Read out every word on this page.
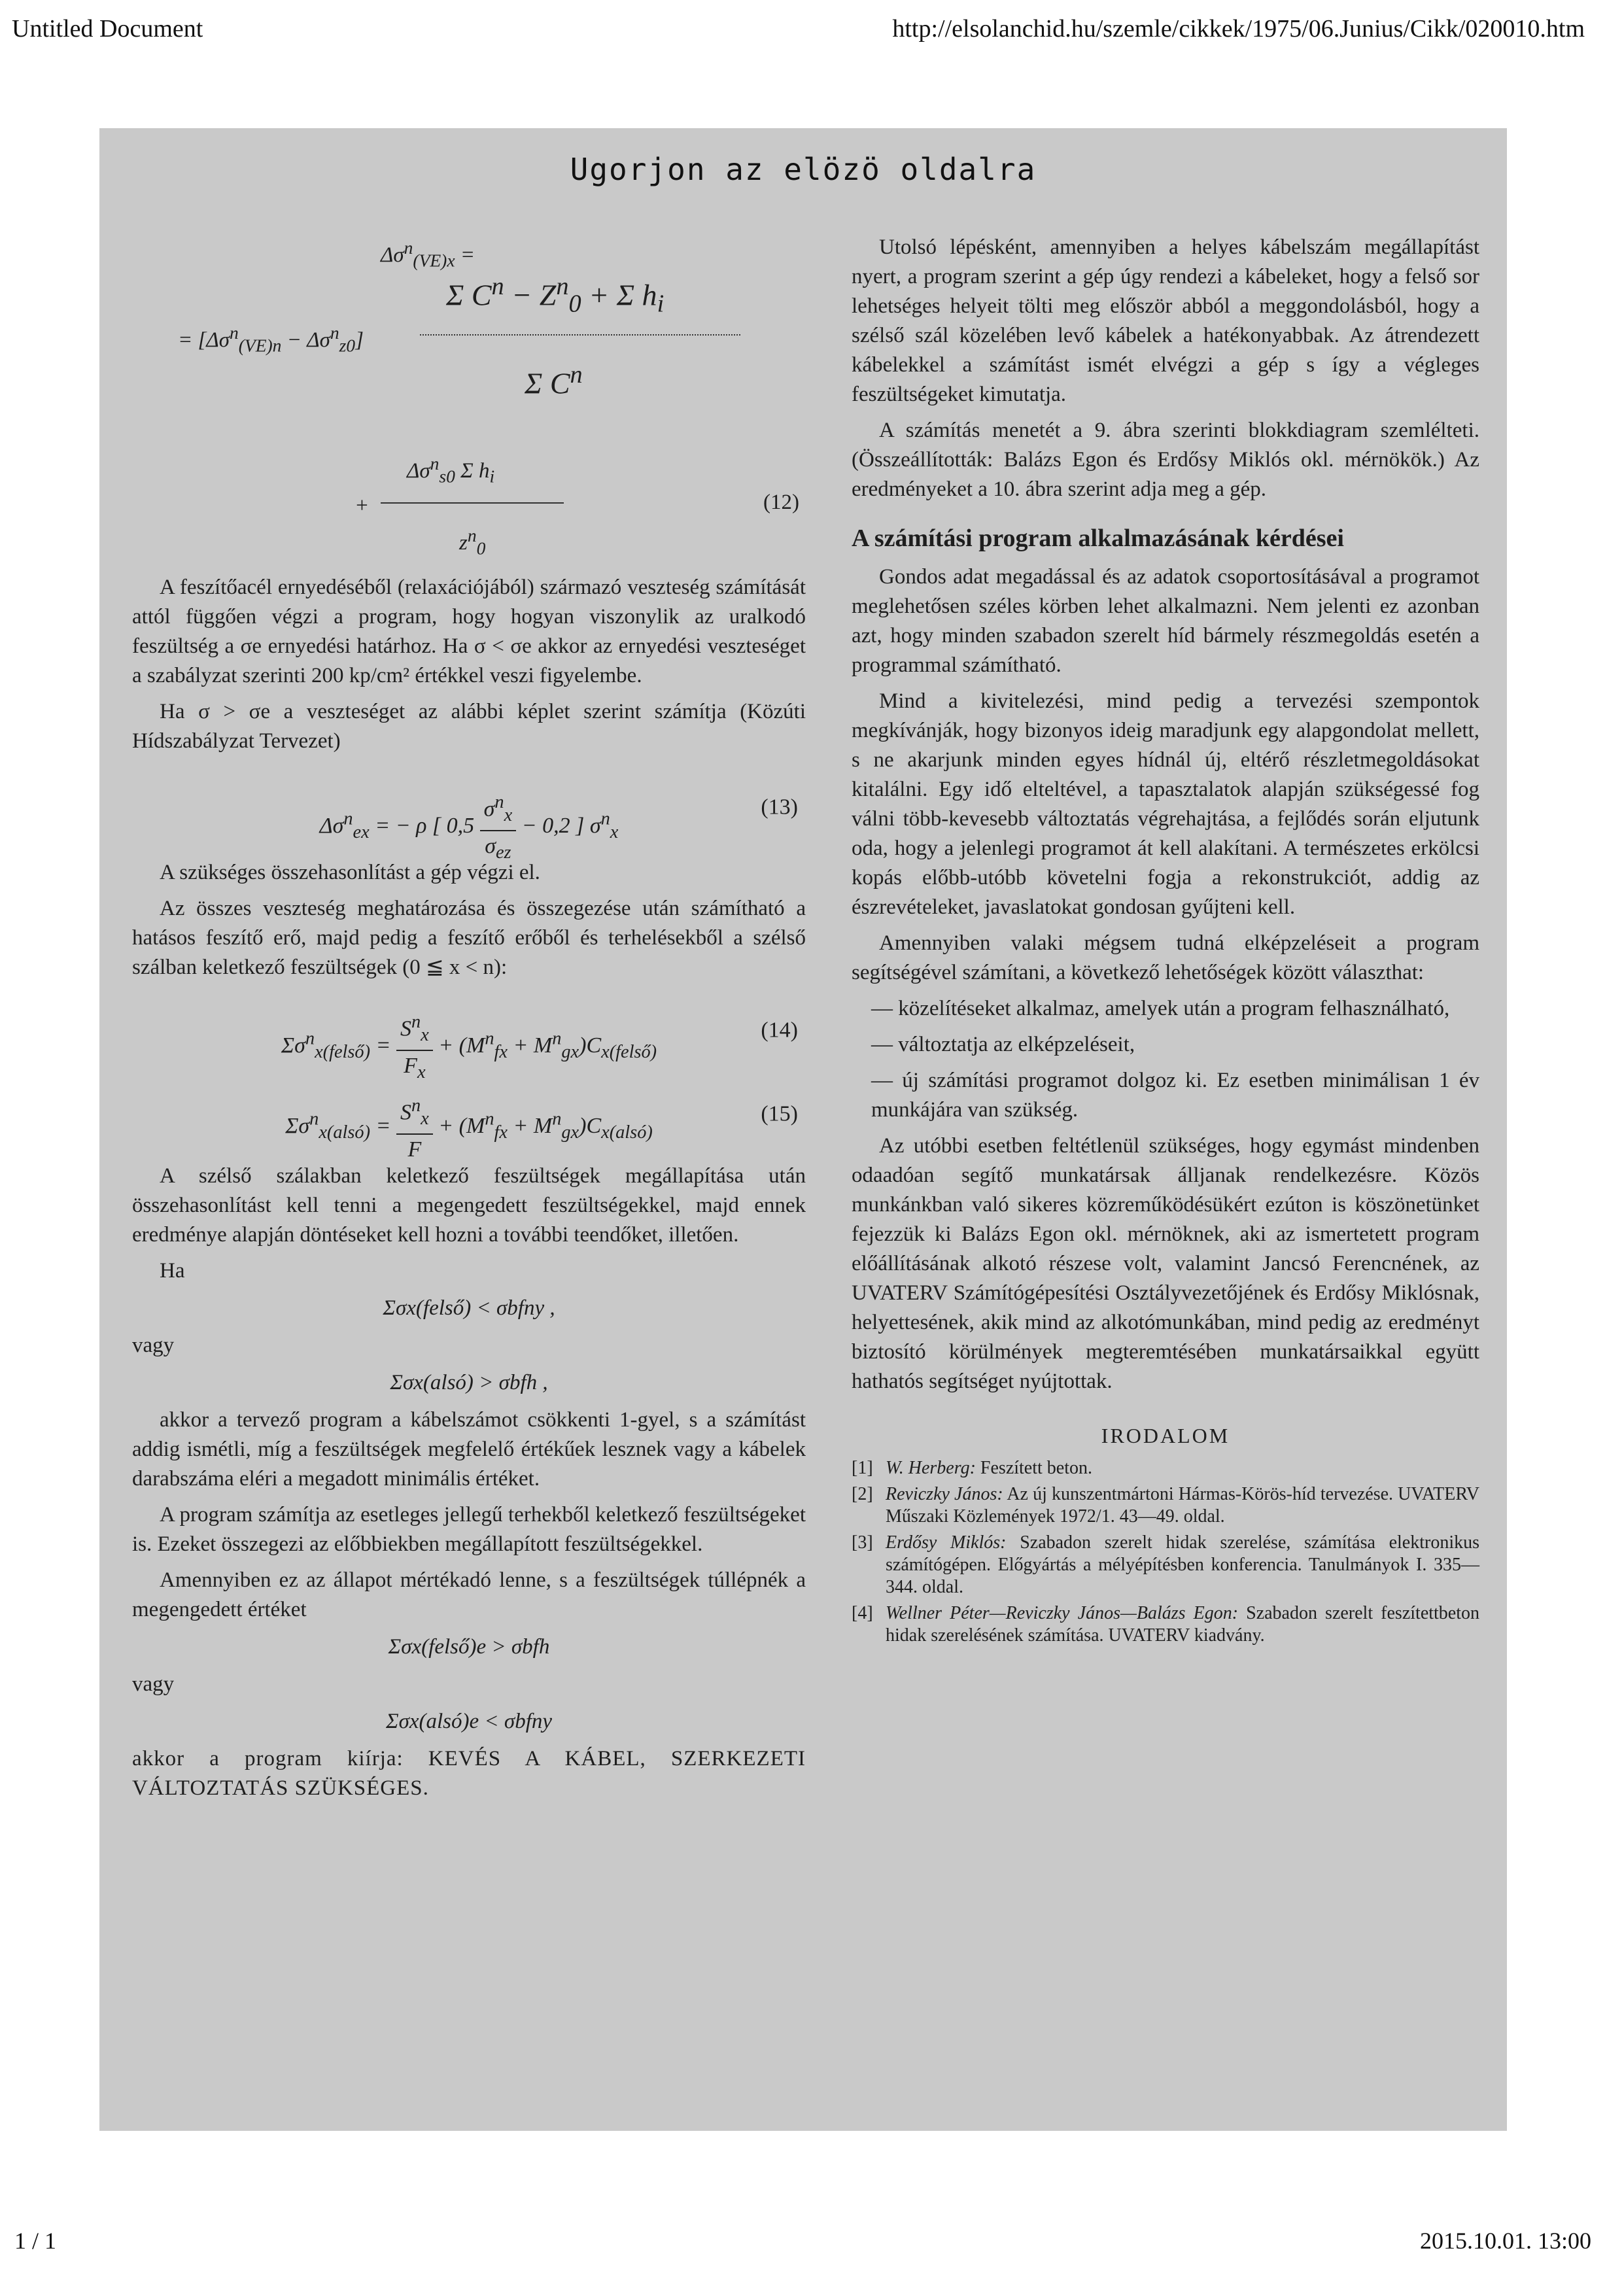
Untitled Document	http://elsolanchid.hu/szemle/cikkek/1975/06.Junius/Cikk/020010.htm
Ugorjon az elözö oldalra
$\Delta\sigma^n_{(VE)x}$ =
Σ $C^n - Z^n_0 + \Sigma$ $h_i$
= $[\Delta\sigma^n_{(VE)n} - \Delta\sigma^n_{z0}]$
Σ $C^n$
$\Delta\sigma^n_{s0}$ Σ $h_i$
+
$z^n_0$
(12)

A feszítőacél ernyedéséből (relaxációjából) származó veszteség számítását attól függően végzi a program, hogy hogyan viszonylik az uralkodó feszültség a σe ernyedési határhoz. Ha σ < σe akkor az ernyedési veszteséget a szabályzat szerinti 200 kp/cm² értékkel veszi figyelembe.

Ha σ > σe a veszteséget az alábbi képlet szerint számítja (Közúti Hídszabályzat Tervezet)

$\Delta\sigma^n_{ex}$ = − ρ [ $0,5 \frac{\sigma^n_x}{\sigma_{ez}} - 0,2$ ] $\sigma^n_x$
(13)

A szükséges összehasonlítást a gép végzi el.

Az összes veszteség meghatározása és összegezése után számítható a hatásos feszítő erő, majd pedig a feszítő erőből és terhelésekből a szélső szálban keletkező feszültségek (0 ≦ x < n):

$\Sigma\sigma^n_{x(felső)} = \frac{S^n_x}{F_x} + (M^n_{fx} + M^n_{gx})C_{x(felső)}$
(14)
$\Sigma\sigma^n_{x(alsó)} = \frac{S^n_x}{F} + (M^n_{fx} + M^n_{gx})C_{x(alsó)}$
(15)

A szélső szálakban keletkező feszültségek megállapítása után összehasonlítást kell tenni a megengedett feszültségekkel, majd ennek eredménye alapján döntéseket kell hozni a további teendőket, illetően.

Ha

Σσx(felső) < σbfny ,
vagy
Σσx(alsó) > σbfh ,

akkor a tervező program a kábelszámot csökkenti 1-gyel, s a számítást addig ismétli, míg a feszültségek megfelelő értékűek lesznek vagy a kábelek darabszáma eléri a megadott minimális értéket.

A program számítja az esetleges jellegű terhekből keletkező feszültségeket is. Ezeket összegezi az előbbiekben megállapított feszültségekkel.

Amennyiben ez az állapot mértékadó lenne, s a feszültségek túllépnék a megengedett értéket

Σσx(felső)e > σbfh
vagy
Σσx(alsó)e < σbfny

akkor a program kiírja: KEVÉS A KÁBEL, SZERKEZETI VÁLTOZTATÁS SZÜKSÉGES.

Utolsó lépésként, amennyiben a helyes kábelszám megállapítást nyert, a program szerint a gép úgy rendezi a kábeleket, hogy a felső sor lehetséges helyeit tölti meg először abból a meggondolásból, hogy a szélső szál közelében levő kábelek a hatékonyabbak. Az átrendezett kábelekkel a számítást ismét elvégzi a gép s így a végleges feszültségeket kimutatja.

A számítás menetét a 9. ábra szerinti blokkdiagram szemlélteti. (Összeállították: Balázs Egon és Erdősy Miklós okl. mérnökök.) Az eredményeket a 10. ábra szerint adja meg a gép.

A számítási program alkalmazásának kérdései

Gondos adat megadással és az adatok csoportosításával a programot meglehetősen széles körben lehet alkalmazni. Nem jelenti ez azonban azt, hogy minden szabadon szerelt híd bármely részmegoldás esetén a programmal számítható.

Mind a kivitelezési, mind pedig a tervezési szempontok megkívánják, hogy bizonyos ideig maradjunk egy alapgondolat mellett, s ne akarjunk minden egyes hídnál új, eltérő részletmegoldásokat kitalálni. Egy idő elteltével, a tapasztalatok alapján szükségessé fog válni több-kevesebb változtatás végrehajtása, a fejlődés során eljutunk oda, hogy a jelenlegi programot át kell alakítani. A természetes erkölcsi kopás előbb-utóbb követelni fogja a rekonstrukciót, addig az észrevételeket, javaslatokat gondosan gyűjteni kell.

Amennyiben valaki mégsem tudná elképzeléseit a program segítségével számítani, a következő lehetőségek között választhat:

— közelítéseket alkalmaz, amelyek után a program felhasználható,

— változtatja az elképzeléseit,

— új számítási programot dolgoz ki. Ez esetben minimálisan 1 év munkájára van szükség.

Az utóbbi esetben feltétlenül szükséges, hogy egymást mindenben odaadóan segítő munkatársak álljanak rendelkezésre. Közös munkánkban való sikeres közreműködésükért ezúton is köszönetünket fejezzük ki Balázs Egon okl. mérnöknek, aki az ismertetett program előállításának alkotó részese volt, valamint Jancsó Ferencnének, az UVATERV Számítógépesítési Osztályvezetőjének és Erdősy Miklósnak, helyettesének, akik mind az alkotómunkában, mind pedig az eredményt biztosító körülmények megteremtésében munkatársaikkal együtt hathatós segítséget nyújtottak.

IRODALOM
[1] W. Herberg: Feszített beton.
[2] Reviczky János: Az új kunszentmártoni Hármas-Körös-híd tervezése. UVATERV Műszaki Közlemények 1972/1. 43—49. oldal.
[3] Erdősy Miklós: Szabadon szerelt hidak szerelése, számítása elektronikus számítógépen. Előgyártás a mélyépítésben konferencia. Tanulmányok I. 335—344. oldal.
[4] Wellner Péter—Reviczky János—Balázs Egon: Szabadon szerelt feszítettbeton hidak szerelésének számítása. UVATERV kiadvány.
1 / 1	2015.10.01. 13:00
